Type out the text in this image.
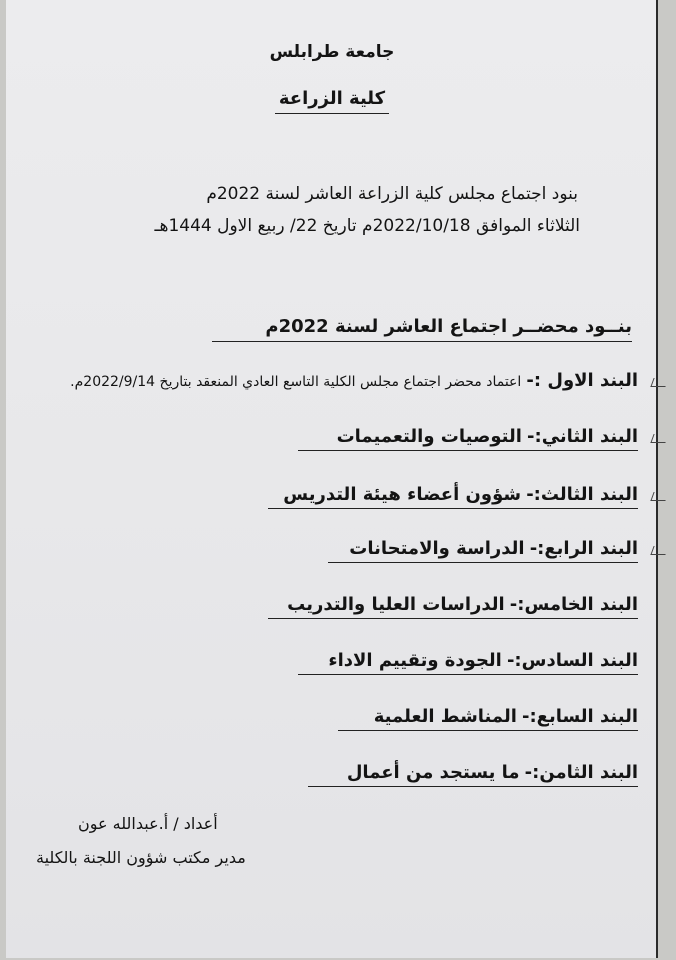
جامعة طرابلس
كلية الزراعة
بنود اجتماع مجلس كلية الزراعة العاشر لسنة 2022م
الثلاثاء الموافق 2022/10/18م تاريخ 22/ ربيع الاول 1444هـ
بنــود محضــر اجتماع العاشر لسنة 2022م
البند الاول :- اعتماد محضر اجتماع مجلس الكلية التاسع العادي المنعقد بتاريخ 2022/9/14م.
البند الثاني:- التوصيات والتعميمات
البند الثالث:- شؤون أعضاء هيئة التدريس
البند الرابع:- الدراسة والامتحانات
البند الخامس:- الدراسات العليا والتدريب
البند السادس:- الجودة وتقييم الاداء
البند السابع:- المناشط العلمية
البند الثامن:- ما يستجد من أعمال
أعداد / أ.عبدالله عون
مدير مكتب شؤون اللجنة بالكلية
